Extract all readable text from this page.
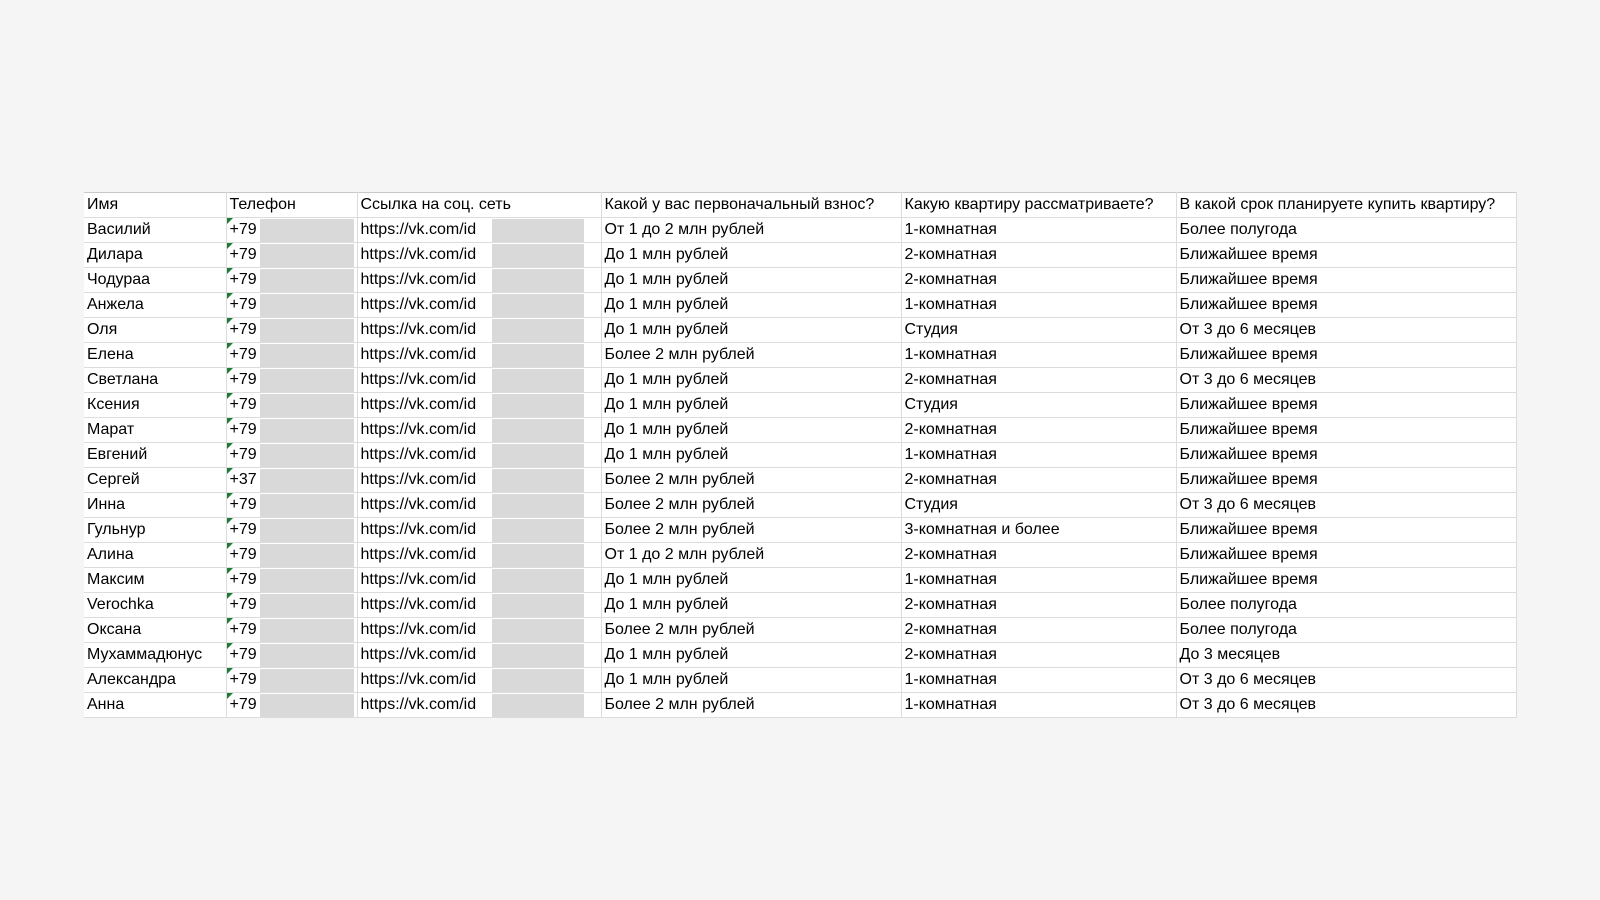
Имя	Телефон	Ссылка на соц. сеть	Какой у вас первоначальный взнос?	Какую квартиру рассматриваете?	В какой срок планируете купить квартиру?
Василий	+79	https://vk.com/id	От 1 до 2 млн рублей	1-комнатная	Более полугода
Дилара	+79	https://vk.com/id	До 1 млн рублей	2-комнатная	Ближайшее время
Чодураа	+79	https://vk.com/id	До 1 млн рублей	2-комнатная	Ближайшее время
Анжела	+79	https://vk.com/id	До 1 млн рублей	1-комнатная	Ближайшее время
Оля	+79	https://vk.com/id	До 1 млн рублей	Студия	От 3 до 6 месяцев
Елена	+79	https://vk.com/id	Более 2 млн рублей	1-комнатная	Ближайшее время
Светлана	+79	https://vk.com/id	До 1 млн рублей	2-комнатная	От 3 до 6 месяцев
Ксения	+79	https://vk.com/id	До 1 млн рублей	Студия	Ближайшее время
Марат	+79	https://vk.com/id	До 1 млн рублей	2-комнатная	Ближайшее время
Евгений	+79	https://vk.com/id	До 1 млн рублей	1-комнатная	Ближайшее время
Сергей	+37	https://vk.com/id	Более 2 млн рублей	2-комнатная	Ближайшее время
Инна	+79	https://vk.com/id	Более 2 млн рублей	Студия	От 3 до 6 месяцев
Гульнур	+79	https://vk.com/id	Более 2 млн рублей	3-комнатная и более	Ближайшее время
Алина	+79	https://vk.com/id	От 1 до 2 млн рублей	2-комнатная	Ближайшее время
Максим	+79	https://vk.com/id	До 1 млн рублей	1-комнатная	Ближайшее время
Verochka	+79	https://vk.com/id	До 1 млн рублей	2-комнатная	Более полугода
Оксана	+79	https://vk.com/id	Более 2 млн рублей	2-комнатная	Более полугода
Мухаммадюнус	+79	https://vk.com/id	До 1 млн рублей	2-комнатная	До 3 месяцев
Александра	+79	https://vk.com/id	До 1 млн рублей	1-комнатная	От 3 до 6 месяцев
Анна	+79	https://vk.com/id	Более 2 млн рублей	1-комнатная	От 3 до 6 месяцев
